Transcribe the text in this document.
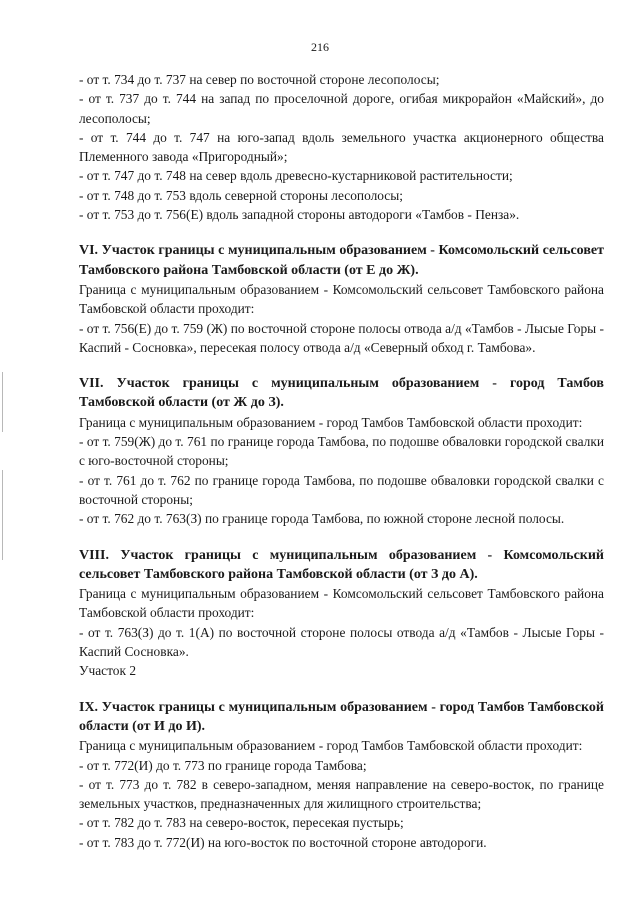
216

- от т. 734 до т. 737 на север по восточной стороне лесополосы;

- от т. 737 до т. 744 на запад по проселочной дороге, огибая микрорайон «Майский», до лесополосы;

- от т. 744 до т. 747 на юго-запад вдоль земельного участка акционерного общества Племенного завода «Пригородный»;

- от т. 747 до т. 748 на север вдоль древесно-кустарниковой растительности;

- от т. 748 до т. 753 вдоль северной стороны лесополосы;

- от т. 753 до т. 756(Е) вдоль западной стороны автодороги «Тамбов - Пенза».

VI. Участок границы с муниципальным образованием - Комсомольский сельсовет Тамбовского района Тамбовской области (от Е до Ж).

Граница с муниципальным образованием - Комсомольский сельсовет Тамбовского района Тамбовской области проходит:

- от т. 756(Е) до т. 759 (Ж) по восточной стороне полосы отвода а/д «Тамбов - Лысые Горы - Каспий - Сосновка», пересекая полосу отвода а/д «Северный обход г. Тамбова».

VII. Участок границы с муниципальным образованием - город Тамбов Тамбовской области (от Ж до З).

Граница с муниципальным образованием - город Тамбов Тамбовской области проходит:

- от т. 759(Ж) до т. 761 по границе города Тамбова, по подошве обваловки городской свалки с юго-восточной стороны;

- от т. 761 до т. 762 по границе города Тамбова, по подошве обваловки городской свалки с восточной стороны;

- от т. 762 до т. 763(З) по границе города Тамбова, по южной стороне лесной полосы.

VIII. Участок границы с муниципальным образованием - Комсомольский сельсовет Тамбовского района Тамбовской области (от З до А).

Граница с муниципальным образованием - Комсомольский сельсовет Тамбовского района Тамбовской области проходит:

- от т. 763(З) до т. 1(А) по восточной стороне полосы отвода а/д «Тамбов - Лысые Горы - Каспий Сосновка».

Участок 2

IX. Участок границы с муниципальным образованием - город Тамбов Тамбовской области (от И до И).

Граница с муниципальным образованием - город Тамбов Тамбовской области проходит:

- от т. 772(И) до т. 773 по границе города Тамбова;

- от т. 773 до т. 782 в северо-западном, меняя направление на северо-восток, по границе земельных участков, предназначенных для жилищного строительства;

- от т. 782 до т. 783 на северо-восток, пересекая пустырь;

- от т. 783 до т. 772(И) на юго-восток по восточной стороне автодороги.
